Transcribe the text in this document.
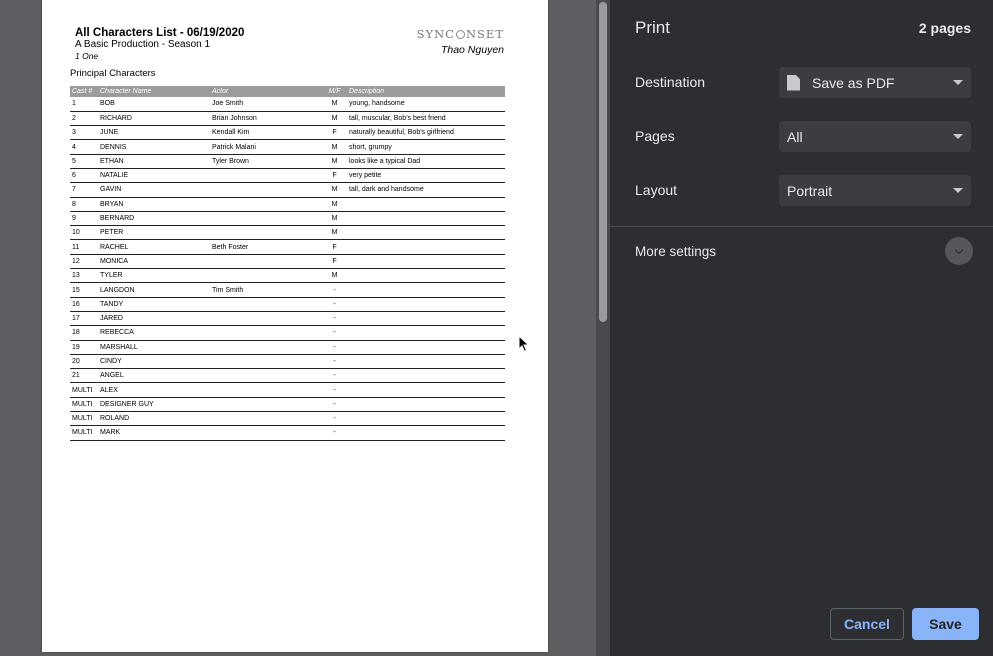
All Characters List - 06/19/2020
A Basic Production - Season 1
1 One
SYNC NSET
Thao Nguyen
Principal Characters
Cast #	Character Name	Actor	M/F	Description
1	BOB	Joe Smith	M	young, handsome
2	RICHARD	Brian Johnson	M	tall, muscular, Bob's best friend
3	JUNE	Kendall Kim	F	naturally beautiful, Bob's girlfriend
4	DENNIS	Patrick Malani	M	short, grumpy
5	ETHAN	Tyler Brown	M	looks like a typical Dad
6	NATALIE		F	very petite
7	GAVIN		M	tall, dark and handsome
8	BRYAN		M	
9	BERNARD		M	
10	PETER		M	
11	RACHEL	Beth Foster	F	
12	MONICA		F	
13	TYLER		M	
15	LANGDON	Tim Smith	-	
16	TANDY		-	
17	JARED		-	
18	REBECCA		-	
19	MARSHALL		-	
20	CINDY		-	
21	ANGEL		-	
MULTI	ALEX		-	
MULTI	DESIGNER GUY		-	
MULTI	ROLAND		-	
MULTI	MARK		-	
Print	2 pages
Destination	Save as PDF
Pages	All
Layout	Portrait
More settings
Cancel	Save
